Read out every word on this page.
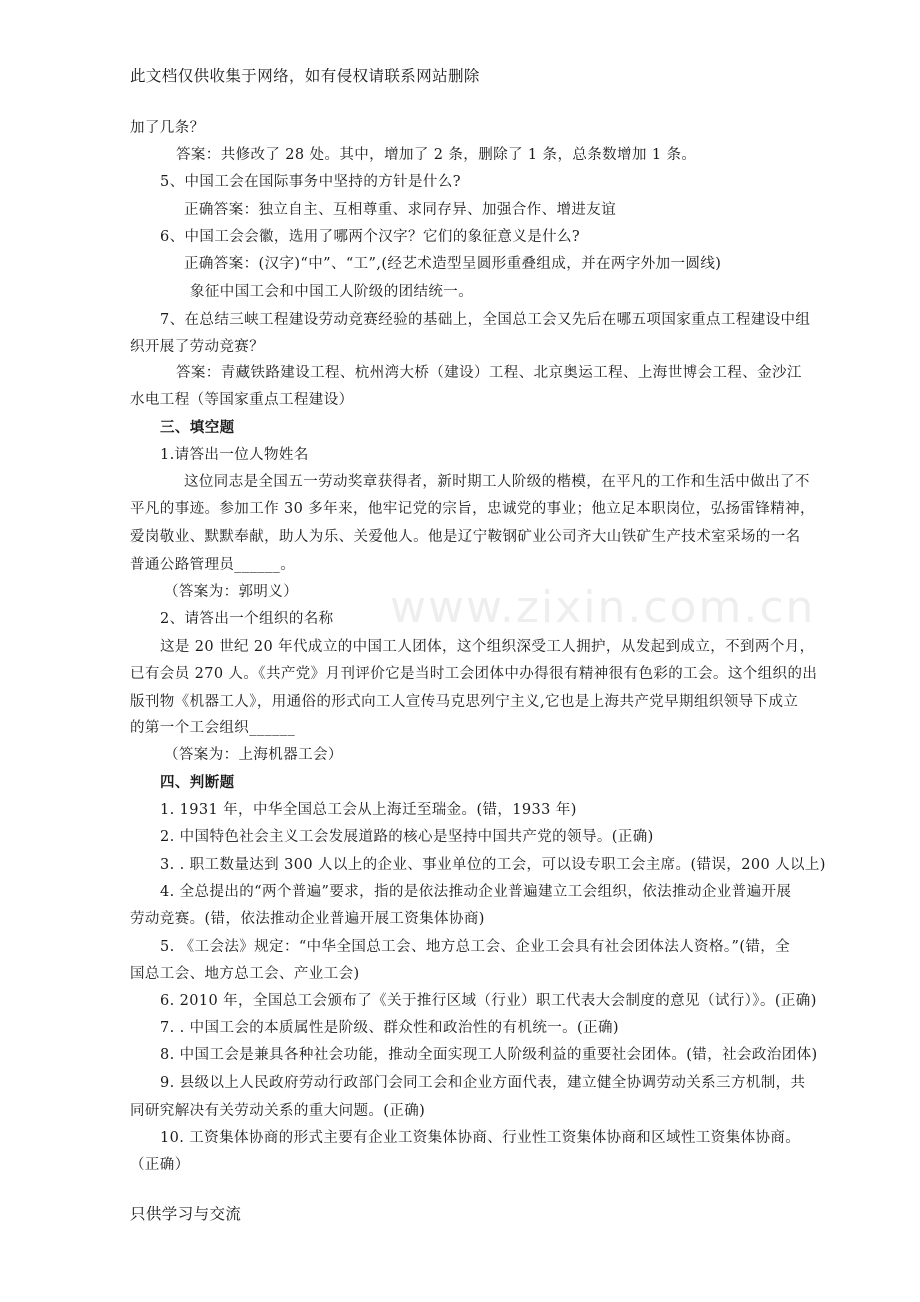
www.zixin.com.cn
此文档仅供收集于网络，如有侵权请联系网站删除
加了几条？
答案：共修改了 28 处。其中，增加了 2 条，删除了 1 条，总条数增加 1 条。
5、中国工会在国际事务中坚持的方针是什么?
正确答案：独立自主、互相尊重、求同存异、加强合作、增进友谊
6、中国工会会徽，选用了哪两个汉字？它们的象征意义是什么?
正确答案：(汉字)“中”、“工”,(经艺术造型呈圆形重叠组成，并在两字外加一圆线)
象征中国工会和中国工人阶级的团结统一。
7、在总结三峡工程建设劳动竞赛经验的基础上，全国总工会又先后在哪五项国家重点工程建设中组
织开展了劳动竞赛？
答案：青藏铁路建设工程、杭州湾大桥（建设）工程、北京奥运工程、上海世博会工程、金沙江
水电工程（等国家重点工程建设）
三、填空题
1.请答出一位人物姓名
这位同志是全国五一劳动奖章获得者，新时期工人阶级的楷模，在平凡的工作和生活中做出了不
平凡的事迹。参加工作 30 多年来，他牢记党的宗旨，忠诚党的事业；他立足本职岗位，弘扬雷锋精神，
爱岗敬业、默默奉献，助人为乐、关爱他人。他是辽宁鞍钢矿业公司齐大山铁矿生产技术室采场的一名
普通公路管理员______。
（答案为：郭明义）
2、请答出一个组织的名称
这是 20 世纪 20 年代成立的中国工人团体，这个组织深受工人拥护，从发起到成立，不到两个月，
已有会员 270 人。《共产党》月刊评价它是当时工会团体中办得很有精神很有色彩的工会。这个组织的出
版刊物《机器工人》，用通俗的形式向工人宣传马克思列宁主义,它也是上海共产党早期组织领导下成立
的第一个工会组织______
（答案为：上海机器工会）
四、判断题
1. 1931 年，中华全国总工会从上海迁至瑞金。(错，1933 年)
2. 中国特色社会主义工会发展道路的核心是坚持中国共产党的领导。(正确)
3. . 职工数量达到 300 人以上的企业、事业单位的工会，可以设专职工会主席。(错误，200 人以上)
4. 全总提出的“两个普遍”要求，指的是依法推动企业普遍建立工会组织，依法推动企业普遍开展
劳动竞赛。(错，依法推动企业普遍开展工资集体协商)
5. 《工会法》规定：“中华全国总工会、地方总工会、企业工会具有社会团体法人资格。”(错，全
国总工会、地方总工会、产业工会)
6. 2010 年，全国总工会颁布了《关于推行区域（行业）职工代表大会制度的意见（试行）》。(正确)
7. . 中国工会的本质属性是阶级、群众性和政治性的有机统一。(正确)
8. 中国工会是兼具各种社会功能，推动全面实现工人阶级利益的重要社会团体。(错，社会政治团体)
9. 县级以上人民政府劳动行政部门会同工会和企业方面代表，建立健全协调劳动关系三方机制，共
同研究解决有关劳动关系的重大问题。(正确)
10. 工资集体协商的形式主要有企业工资集体协商、行业性工资集体协商和区域性工资集体协商。
（正确）
只供学习与交流
